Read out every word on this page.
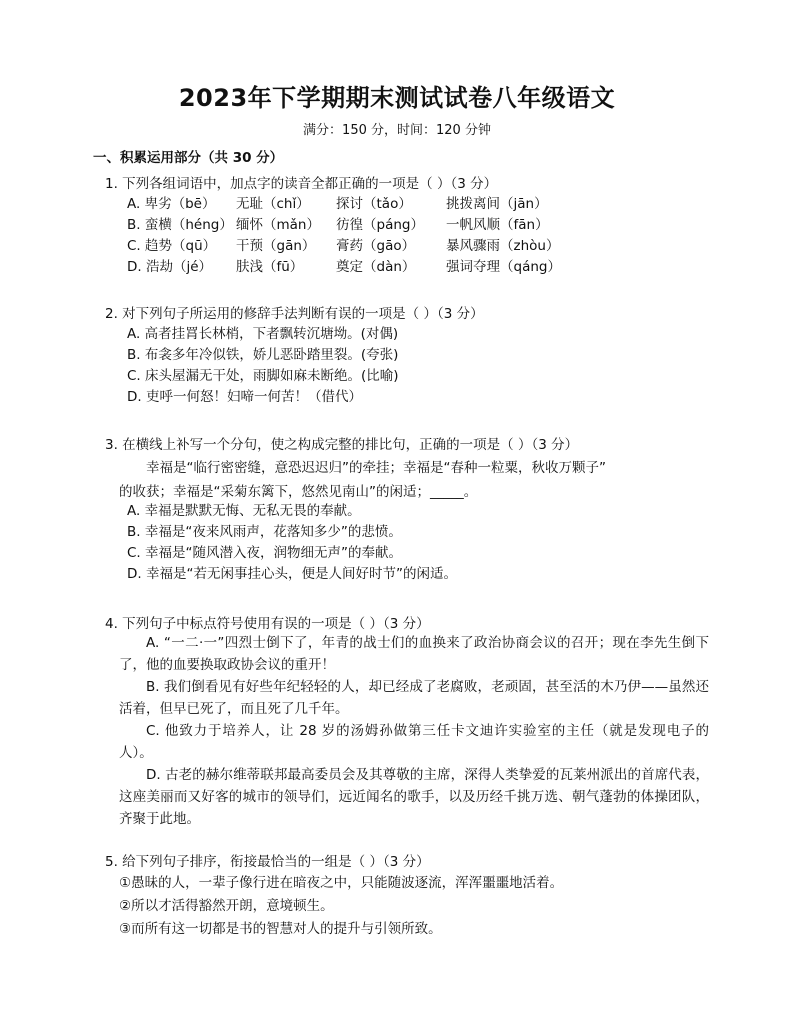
2023年下学期期末测试试卷八年级语文
满分：150 分，时间：120 分钟
一、积累运用部分（共 30 分）
1. 下列各组词语中，加点字的读音全都正确的一项是（ ）（3 分）
A. 卑劣（bē） 无耻（chǐ） 探讨（tǎo）	挑拨离间（jān）
B. 蛮横（héng） 缅怀（mǎn） 彷徨（páng） 一帆风顺（fān）
C. 趋势（qū） 干预（gān） 膏药（gāo） 暴风骤雨（zhòu）
D. 浩劫（jé） 肤浅（fū） 奠定（dàn） 强词夺理（qáng）
2. 对下列句子所运用的修辞手法判断有误的一项是（ ）（3 分）
A. 高者挂罥长林梢，下者飘转沉塘坳。(对偶)
B. 布衾多年冷似铁，娇儿恶卧踏里裂。(夸张)
C. 床头屋漏无干处，雨脚如麻未断绝。(比喻)
D. 吏呼一何怒！妇啼一何苦！（借代）
3. 在横线上补写一个分句，使之构成完整的排比句，正确的一项是（ ）（3 分）
幸福是“临行密密缝，意恐迟迟归”的牵挂；幸福是“春种一粒粟，秋收万颗子”
的收获；幸福是“采菊东篱下，悠然见南山”的闲适；_____。
A. 幸福是默默无悔、无私无畏的奉献。
B. 幸福是“夜来风雨声，花落知多少”的悲愤。
C. 幸福是“随风潜入夜，润物细无声”的奉献。
D. 幸福是“若无闲事挂心头，便是人间好时节”的闲适。
4. 下列句子中标点符号使用有误的一项是（ ）（3 分）

A. “一二·一”四烈士倒下了，年青的战士们的血换来了政治协商会议的召开；现在李先生倒下了，他的血要换取政协会议的重开！

B. 我们倒看见有好些年纪轻轻的人，却已经成了老腐败，老顽固，甚至活的木乃伊——虽然还活着，但早已死了，而且死了几千年。

C. 他致力于培养人，让 28 岁的汤姆孙做第三任卡文迪许实验室的主任（就是发现电子的人）。

D. 古老的赫尔维蒂联邦最高委员会及其尊敬的主席，深得人类挚爱的瓦莱州派出的首席代表，这座美丽而又好客的城市的领导们，远近闻名的歌手，以及历经千挑万选、朝气蓬勃的体操团队，齐聚于此地。

5. 给下列句子排序，衔接最恰当的一组是（ ）（3 分）
①愚昧的人，一辈子像行进在暗夜之中，只能随波逐流，浑浑噩噩地活着。
②所以才活得豁然开朗，意境顿生。
③而所有这一切都是书的智慧对人的提升与引领所致。
